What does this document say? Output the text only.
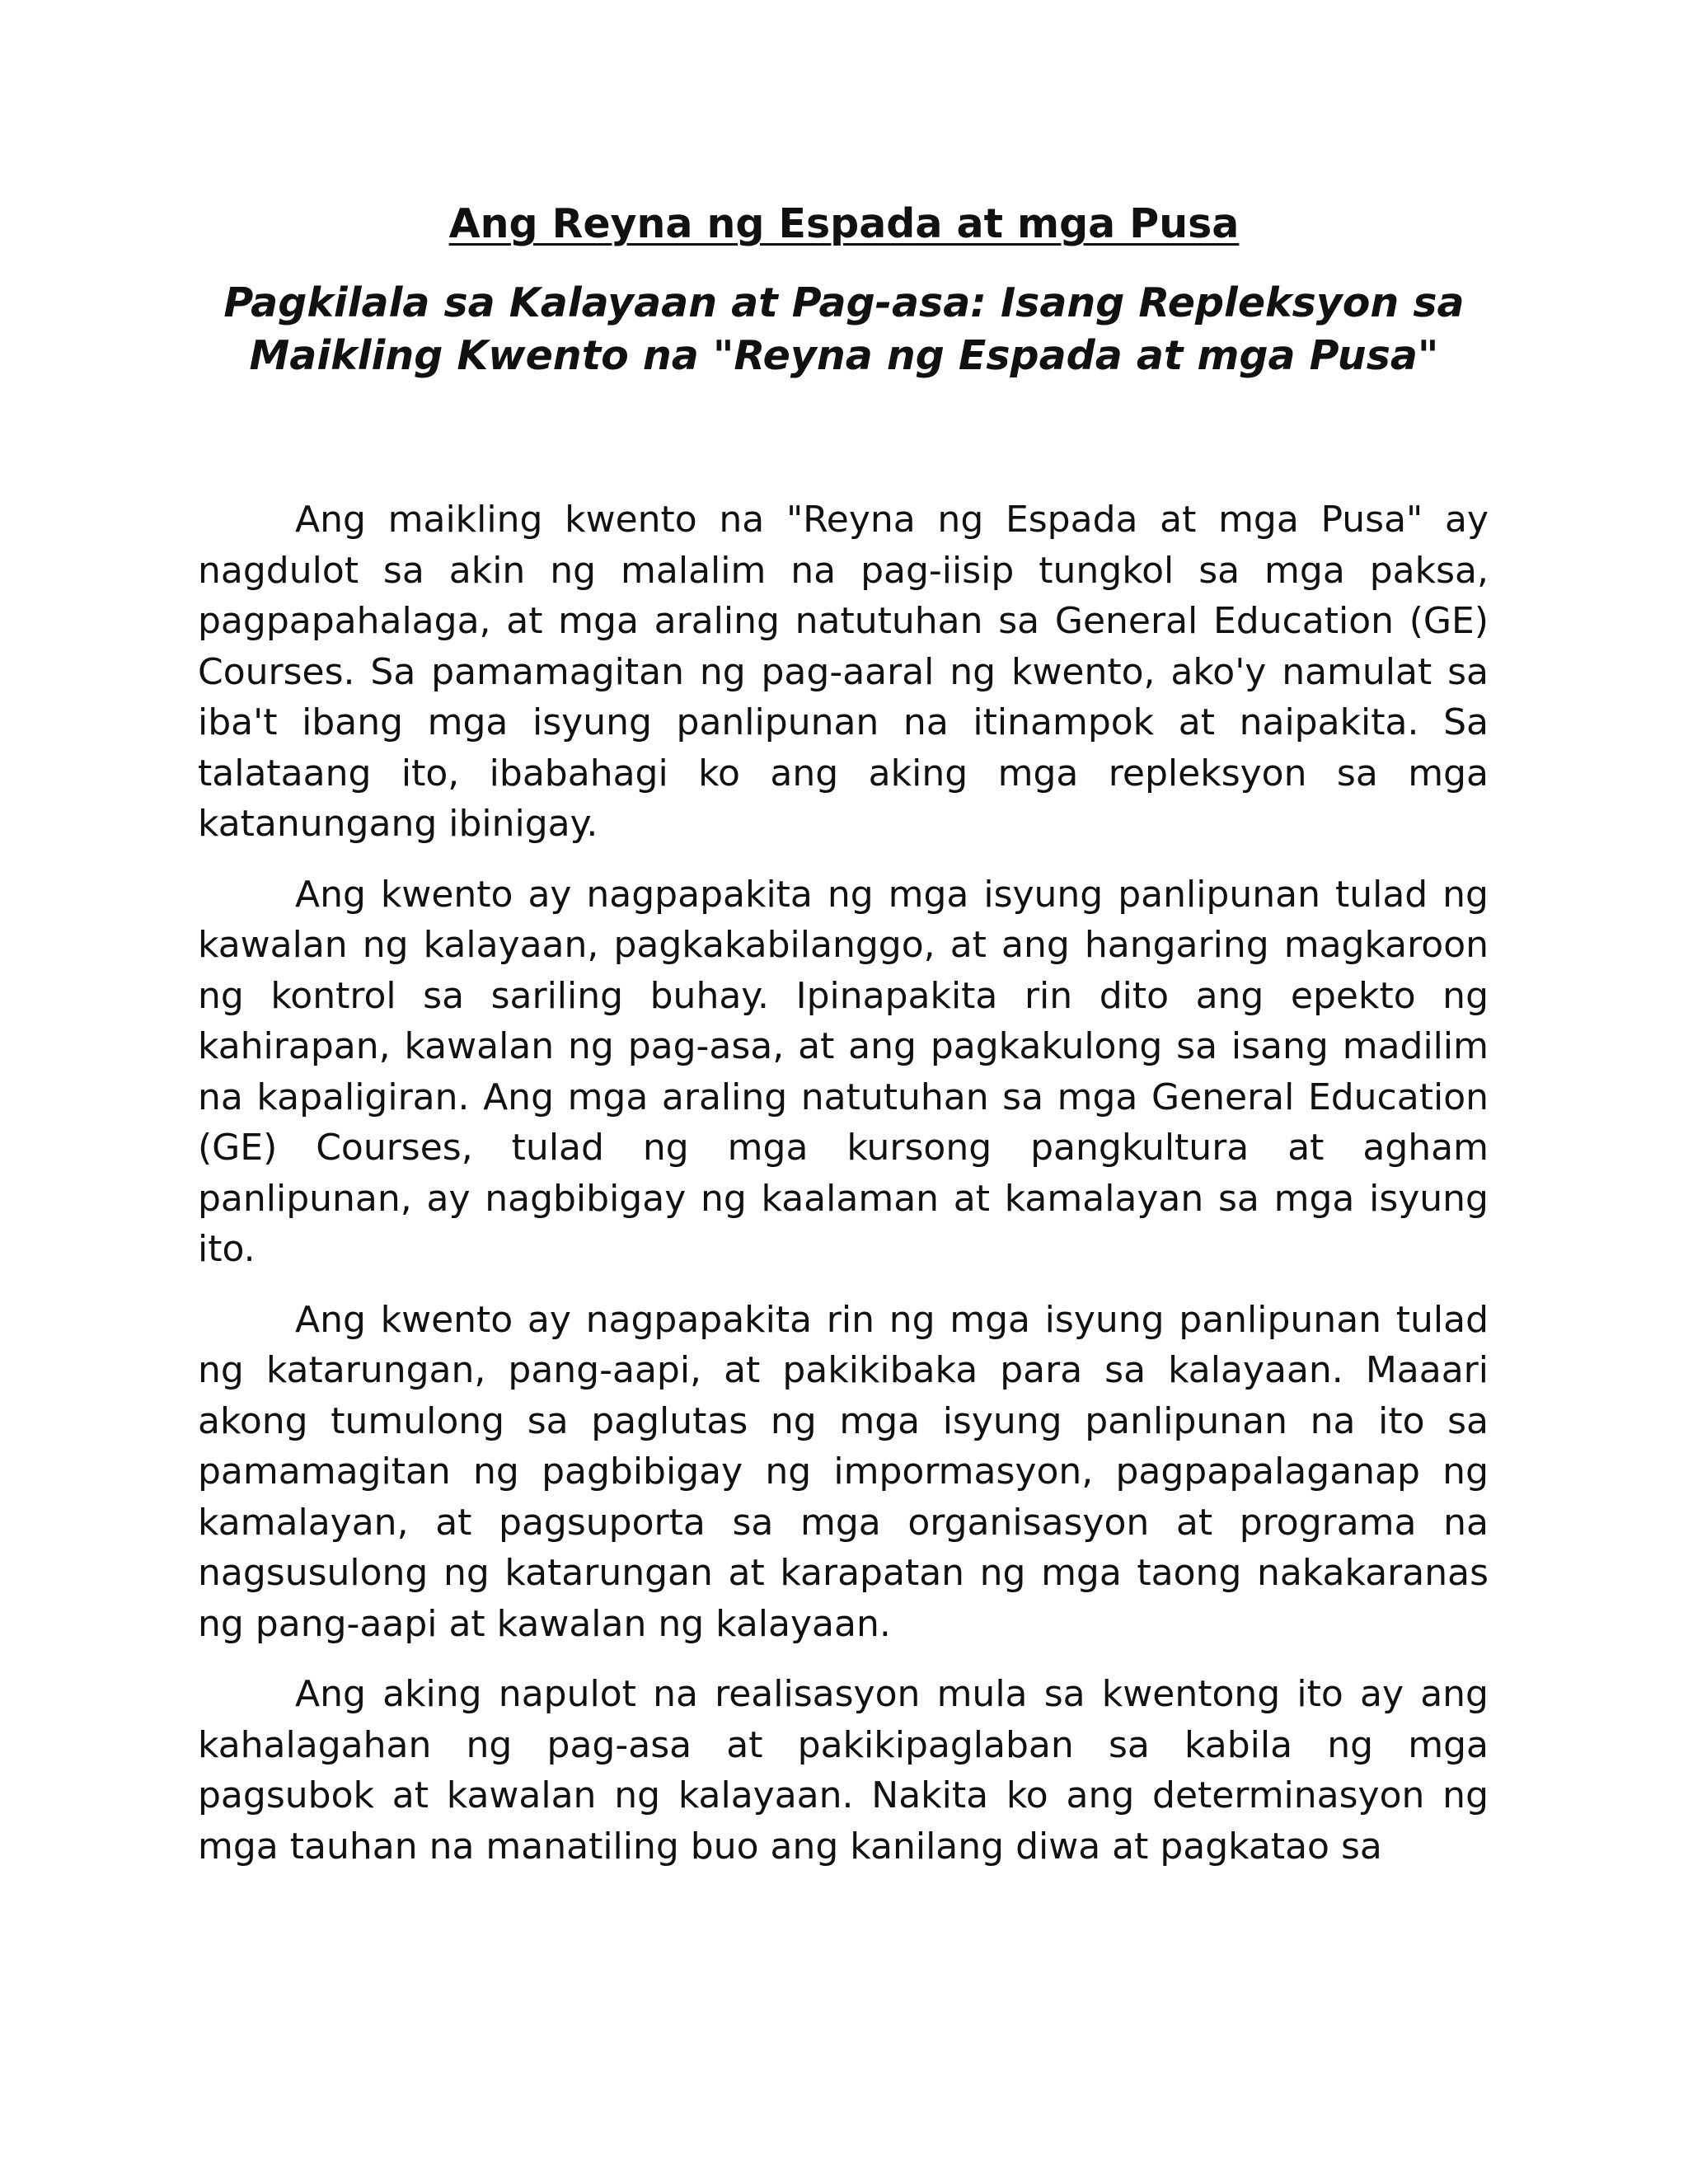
Ang Reyna ng Espada at mga Pusa
Pagkilala sa Kalayaan at Pag-asa: Isang Repleksyon sa Maikling Kwento na "Reyna ng Espada at mga Pusa"

Ang maikling kwento na "Reyna ng Espada at mga Pusa" ay nagdulot sa akin ng malalim na pag-iisip tungkol sa mga paksa, pagpapahalaga, at mga araling natutuhan sa General Education (GE) Courses. Sa pamamagitan ng pag-aaral ng kwento, ako'y namulat sa iba't ibang mga isyung panlipunan na itinampok at naipakita. Sa talataang ito, ibabahagi ko ang aking mga repleksyon sa mga katanungang ibinigay.

Ang kwento ay nagpapakita ng mga isyung panlipunan tulad ng kawalan ng kalayaan, pagkakabilanggo, at ang hangaring magkaroon ng kontrol sa sariling buhay. Ipinapakita rin dito ang epekto ng kahirapan, kawalan ng pag-asa, at ang pagkakulong sa isang madilim na kapaligiran. Ang mga araling natutuhan sa mga General Education (GE) Courses, tulad ng mga kursong pangkultura at agham panlipunan, ay nagbibigay ng kaalaman at kamalayan sa mga isyung ito.

Ang kwento ay nagpapakita rin ng mga isyung panlipunan tulad ng katarungan, pang-aapi, at pakikibaka para sa kalayaan. Maaari akong tumulong sa paglutas ng mga isyung panlipunan na ito sa pamamagitan ng pagbibigay ng impormasyon, pagpapalaganap ng kamalayan, at pagsuporta sa mga organisasyon at programa na nagsusulong ng katarungan at karapatan ng mga taong nakakaranas ng pang-aapi at kawalan ng kalayaan.

Ang aking napulot na realisasyon mula sa kwentong ito ay ang kahalagahan ng pag-asa at pakikipaglaban sa kabila ng mga pagsubok at kawalan ng kalayaan. Nakita ko ang determinasyon ng mga tauhan na manatiling buo ang kanilang diwa at pagkatao sa
